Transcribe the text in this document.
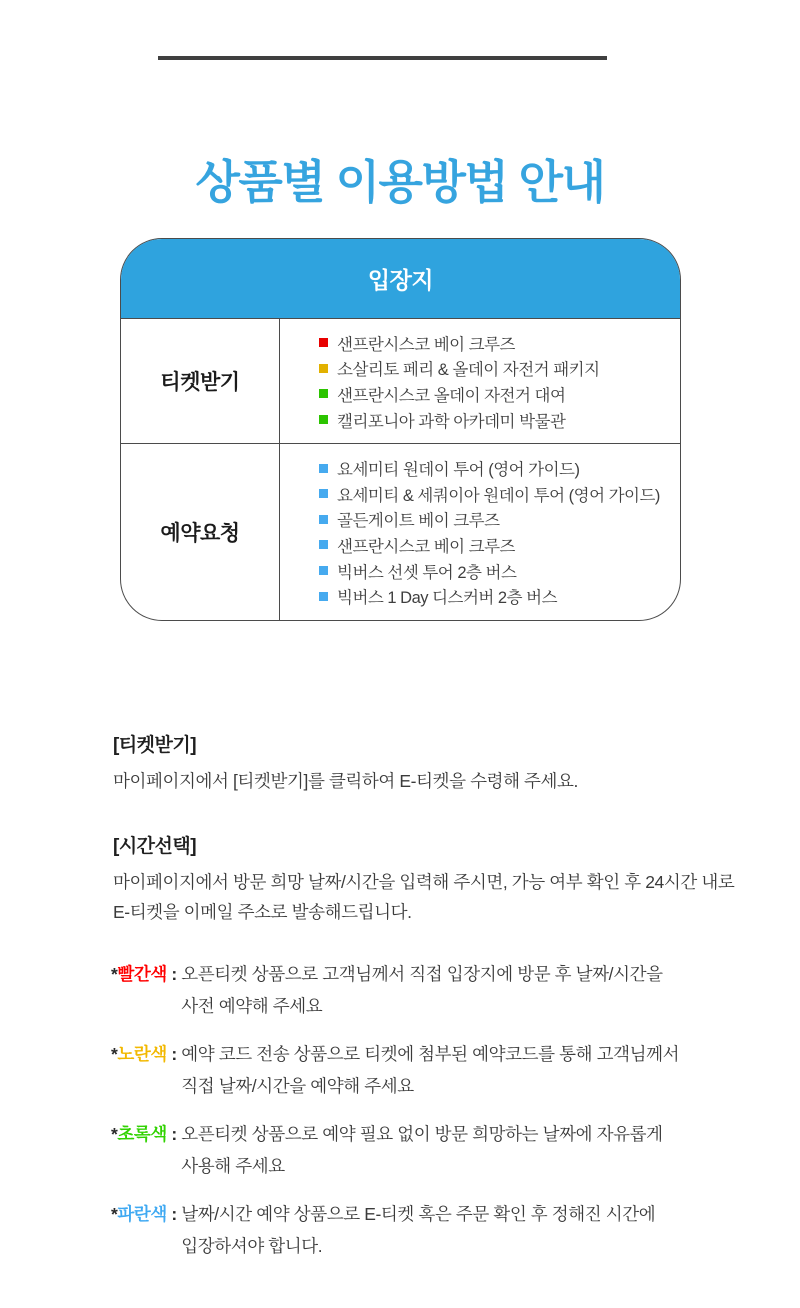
상품별 이용방법 안내
입장지
티켓받기
샌프란시스코 베이 크루즈
소살리토 페리 & 올데이 자전거 패키지
샌프란시스코 올데이 자전거 대여
캘리포니아 과학 아카데미 박물관
예약요청
요세미티 원데이 투어 (영어 가이드)
요세미티 & 세쿼이아 원데이 투어 (영어 가이드)
골든게이트 베이 크루즈
샌프란시스코 베이 크루즈
빅버스 선셋 투어 2층 버스
빅버스 1 Day 디스커버 2층 버스
[티켓받기]
마이페이지에서 [티켓받기]를 클릭하여 E-티켓을 수령해 주세요.
[시간선택]
마이페이지에서 방문 희망 날짜/시간을 입력해 주시면, 가능 여부 확인 후 24시간 내로
E-티켓을 이메일 주소로 발송해드립니다.
*빨간색 : 오픈티켓 상품으로 고객님께서 직접 입장지에 방문 후 날짜/시간을
사전 예약해 주세요
*노란색 : 예약 코드 전송 상품으로 티켓에 첨부된 예약코드를 통해 고객님께서
직접 날짜/시간을 예약해 주세요
*초록색 : 오픈티켓 상품으로 예약 필요 없이 방문 희망하는 날짜에 자유롭게
사용해 주세요
*파란색 : 날짜/시간 예약 상품으로 E-티켓 혹은 주문 확인 후 정해진 시간에
입장하셔야 합니다.
